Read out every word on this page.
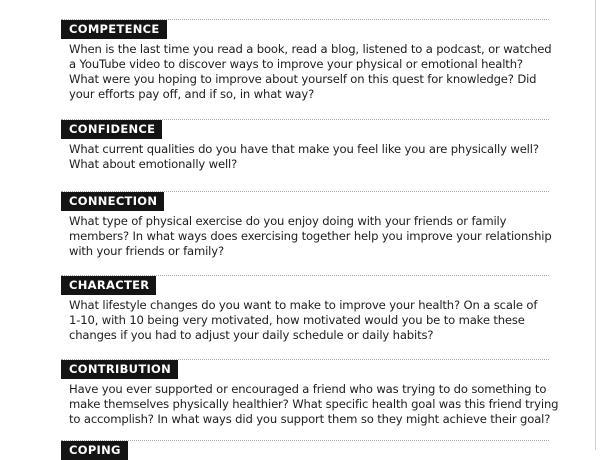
COMPETENCE

When is the last time you read a book, read a blog, listened to a podcast, or watched
a YouTube video to discover ways to improve your physical or emotional health?
What were you hoping to improve about yourself on this quest for knowledge? Did
your efforts pay off, and if so, in what way?

CONFIDENCE

What current qualities do you have that make you feel like you are physically well?
What about emotionally well?

CONNECTION

What type of physical exercise do you enjoy doing with your friends or family
members? In what ways does exercising together help you improve your relationship
with your friends or family?

CHARACTER

What lifestyle changes do you want to make to improve your health? On a scale of
1-10, with 10 being very motivated, how motivated would you be to make these
changes if you had to adjust your daily schedule or daily habits?

CONTRIBUTION

Have you ever supported or encouraged a friend who was trying to do something to
make themselves physically healthier? What specific health goal was this friend trying
to accomplish? In what ways did you support them so they might achieve their goal?

COPING
